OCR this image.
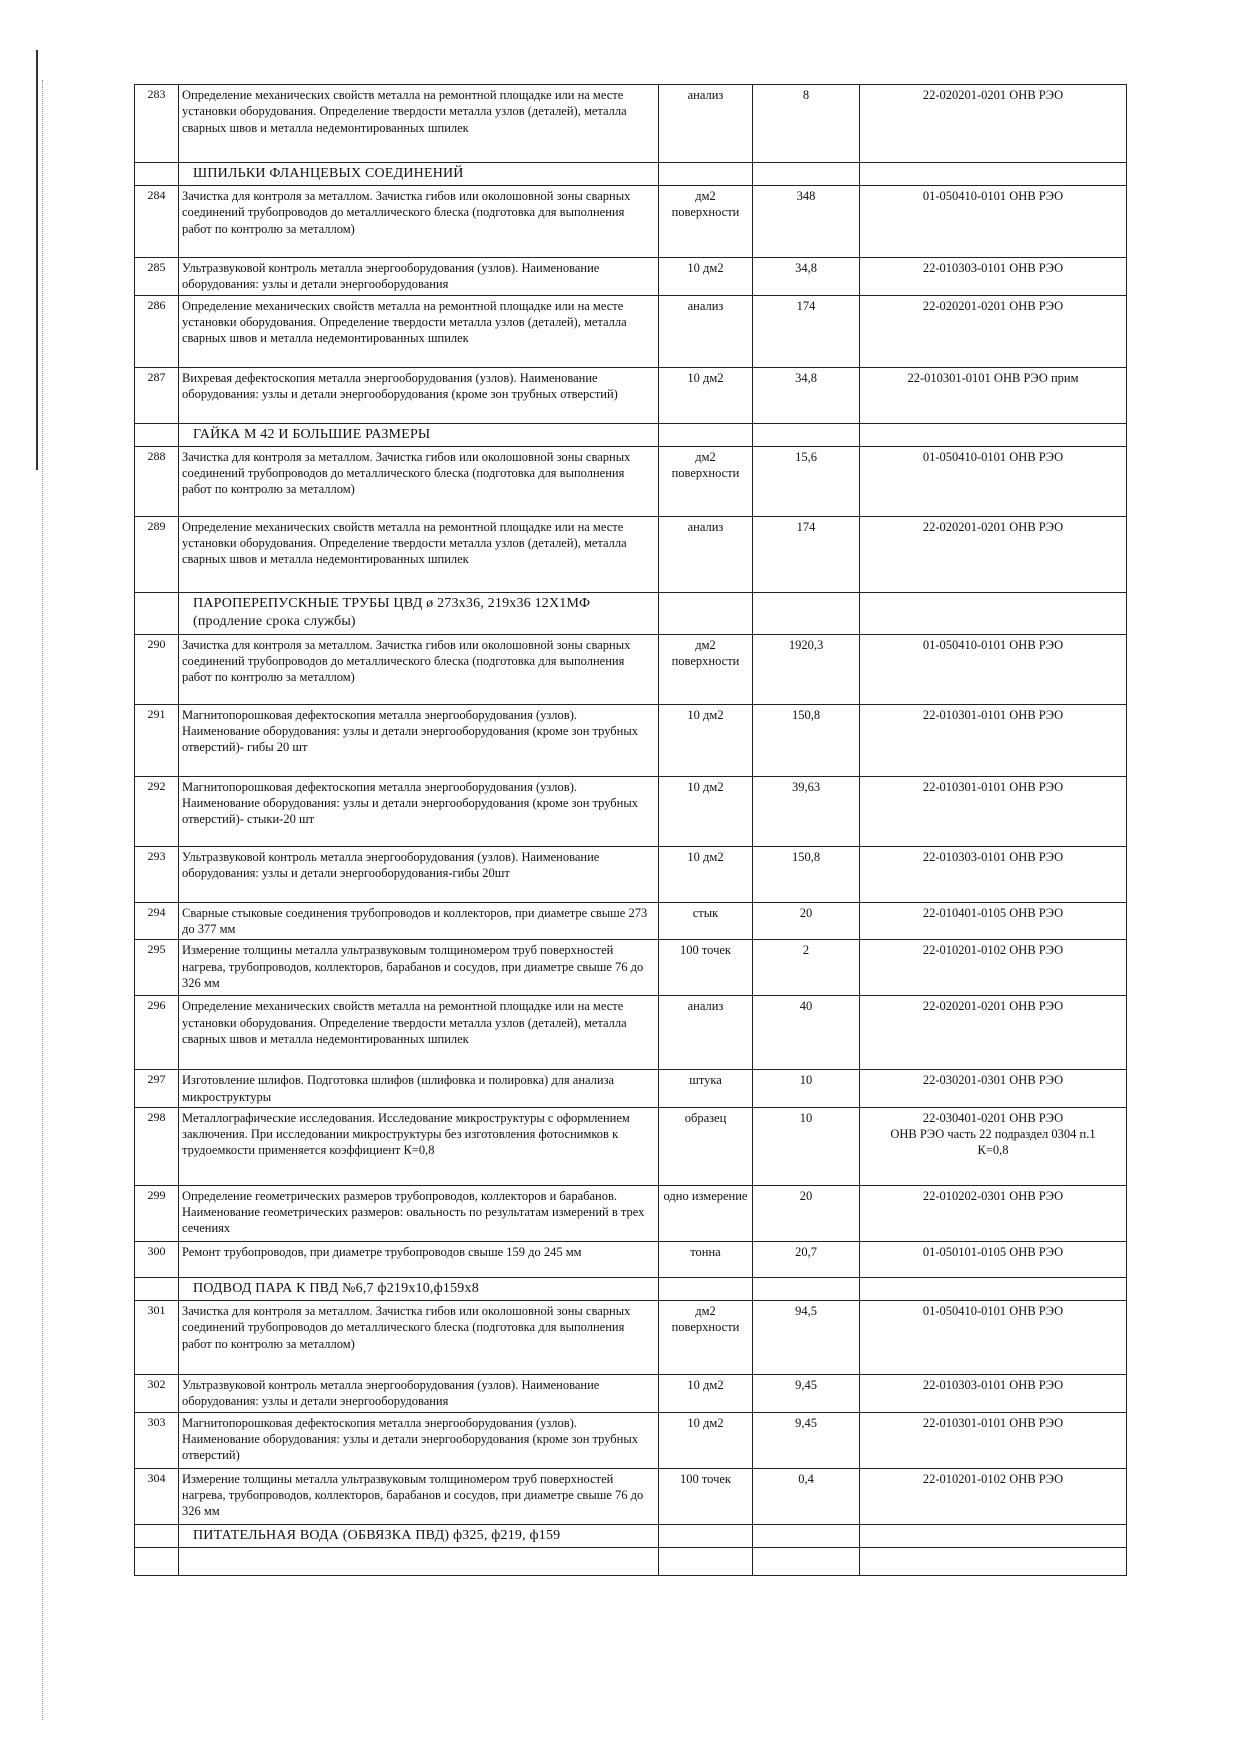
283	Определение механических свойств металла на ремонтной площадке или на месте установки оборудования. Определение твердости металла узлов (деталей), металла сварных швов и металла недемонтированных шпилек	анализ	8	22-020201-0201 ОНВ РЭО
	ШПИЛЬКИ ФЛАНЦЕВЫХ СОЕДИНЕНИЙ			
284	Зачистка для контроля за металлом. Зачистка гибов или околошовной зоны сварных соединений трубопроводов до металлического блеска (подготовка для выполнения работ по контролю за металлом)	дм2 поверхности	348	01-050410-0101 ОНВ РЭО
285	Ультразвуковой контроль металла энергооборудования (узлов). Наименование оборудования: узлы и детали энергооборудования	10 дм2	34,8	22-010303-0101 ОНВ РЭО
286	Определение механических свойств металла на ремонтной площадке или на месте установки оборудования. Определение твердости металла узлов (деталей), металла сварных швов и металла недемонтированных шпилек	анализ	174	22-020201-0201 ОНВ РЭО
287	Вихревая дефектоскопия металла энергооборудования (узлов). Наименование оборудования: узлы и детали энергооборудования (кроме зон трубных отверстий)	10 дм2	34,8	22-010301-0101 ОНВ РЭО прим
	ГАЙКА М 42 И БОЛЬШИЕ РАЗМЕРЫ			
288	Зачистка для контроля за металлом. Зачистка гибов или околошовной зоны сварных соединений трубопроводов до металлического блеска (подготовка для выполнения работ по контролю за металлом)	дм2 поверхности	15,6	01-050410-0101 ОНВ РЭО
289	Определение механических свойств металла на ремонтной площадке или на месте установки оборудования. Определение твердости металла узлов (деталей), металла сварных швов и металла недемонтированных шпилек	анализ	174	22-020201-0201 ОНВ РЭО
	ПАРОПЕРЕПУСКНЫЕ ТРУБЫ ЦВД ø 273х36, 219х36 12Х1МФ (продление срока службы)			
290	Зачистка для контроля за металлом. Зачистка гибов или околошовной зоны сварных соединений трубопроводов до металлического блеска (подготовка для выполнения работ по контролю за металлом)	дм2 поверхности	1920,3	01-050410-0101 ОНВ РЭО
291	Магнитопорошковая дефектоскопия металла энергооборудования (узлов). Наименование оборудования: узлы и детали энергооборудования (кроме зон трубных отверстий)- гибы 20 шт	10 дм2	150,8	22-010301-0101 ОНВ РЭО
292	Магнитопорошковая дефектоскопия металла энергооборудования (узлов). Наименование оборудования: узлы и детали энергооборудования (кроме зон трубных отверстий)- стыки-20 шт	10 дм2	39,63	22-010301-0101 ОНВ РЭО
293	Ультразвуковой контроль металла энергооборудования (узлов). Наименование оборудования: узлы и детали энергооборудования-гибы 20шт	10 дм2	150,8	22-010303-0101 ОНВ РЭО
294	Сварные стыковые соединения трубопроводов и коллекторов, при диаметре свыше 273 до 377 мм	стык	20	22-010401-0105 ОНВ РЭО
295	Измерение толщины металла ультразвуковым толщиномером труб поверхностей нагрева, трубопроводов, коллекторов, барабанов и сосудов, при диаметре свыше 76 до 326 мм	100 точек	2	22-010201-0102 ОНВ РЭО
296	Определение механических свойств металла на ремонтной площадке или на месте установки оборудования. Определение твердости металла узлов (деталей), металла сварных швов и металла недемонтированных шпилек	анализ	40	22-020201-0201 ОНВ РЭО
297	Изготовление шлифов. Подготовка шлифов (шлифовка и полировка) для анализа микроструктуры	штука	10	22-030201-0301 ОНВ РЭО
298	Металлографические исследования. Исследование микроструктуры с оформлением заключения. При исследовании микроструктуры без изготовления фотоснимков к трудоемкости применяется коэффициент К=0,8	образец	10	22-030401-0201 ОНВ РЭО
ОНВ РЭО часть 22 подраздел 0304 п.1
К=0,8
299	Определение геометрических размеров трубопроводов, коллекторов и барабанов. Наименование геометрических размеров: овальность по результатам измерений в трех сечениях	одно измерение	20	22-010202-0301 ОНВ РЭО
300	Ремонт трубопроводов, при диаметре трубопроводов свыше 159 до 245 мм	тонна	20,7	01-050101-0105 ОНВ РЭО
	ПОДВОД ПАРА К ПВД №6,7 ф219х10,ф159х8			
301	Зачистка для контроля за металлом. Зачистка гибов или околошовной зоны сварных соединений трубопроводов до металлического блеска (подготовка для выполнения работ по контролю за металлом)	дм2 поверхности	94,5	01-050410-0101 ОНВ РЭО
302	Ультразвуковой контроль металла энергооборудования (узлов). Наименование оборудования: узлы и детали энергооборудования	10 дм2	9,45	22-010303-0101 ОНВ РЭО
303	Магнитопорошковая дефектоскопия металла энергооборудования (узлов). Наименование оборудования: узлы и детали энергооборудования (кроме зон трубных отверстий)	10 дм2	9,45	22-010301-0101 ОНВ РЭО
304	Измерение толщины металла ультразвуковым толщиномером труб поверхностей нагрева, трубопроводов, коллекторов, барабанов и сосудов, при диаметре свыше 76 до 326 мм	100 точек	0,4	22-010201-0102 ОНВ РЭО
	ПИТАТЕЛЬНАЯ ВОДА (ОБВЯЗКА ПВД) ф325, ф219, ф159			
